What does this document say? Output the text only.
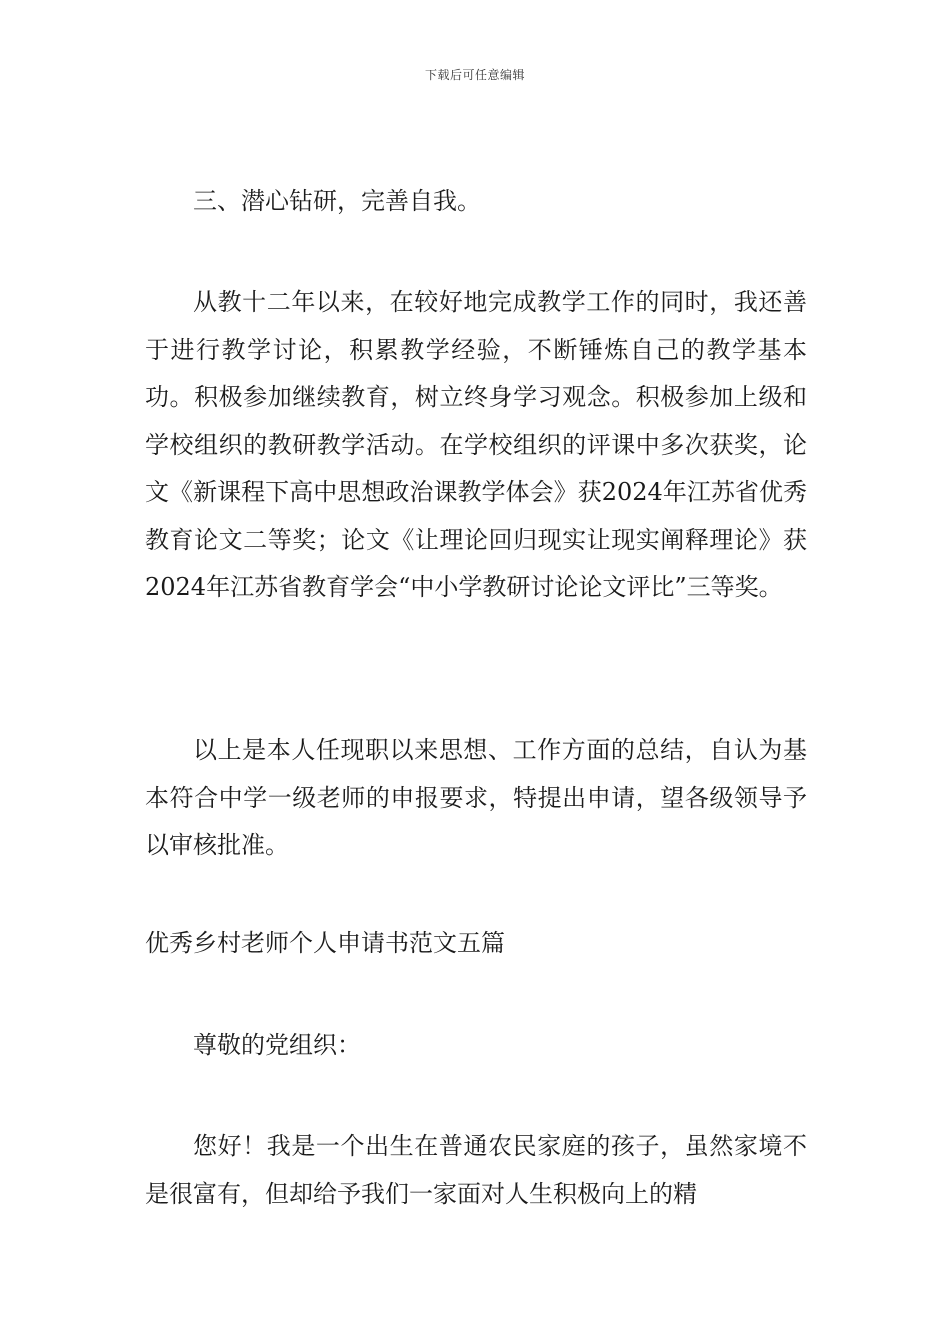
下载后可任意编辑

三、潜心钻研，完善自我。

从教十二年以来，在较好地完成教学工作的同时，我还善于进行教学讨论，积累教学经验，不断锤炼自己的教学基本功。积极参加继续教育，树立终身学习观念。积极参加上级和学校组织的教研教学活动。在学校组织的评课中多次获奖，论文《新课程下高中思想政治课教学体会》获2024年江苏省优秀教育论文二等奖；论文《让理论回归现实让现实阐释理论》获2024年江苏省教育学会“中小学教研讨论论文评比”三等奖。

以上是本人任现职以来思想、工作方面的总结，自认为基本符合中学一级老师的申报要求，特提出申请，望各级领导予以审核批准。

优秀乡村老师个人申请书范文五篇

尊敬的党组织：

您好！我是一个出生在普通农民家庭的孩子，虽然家境不是很富有，但却给予我们一家面对人生积极向上的精
